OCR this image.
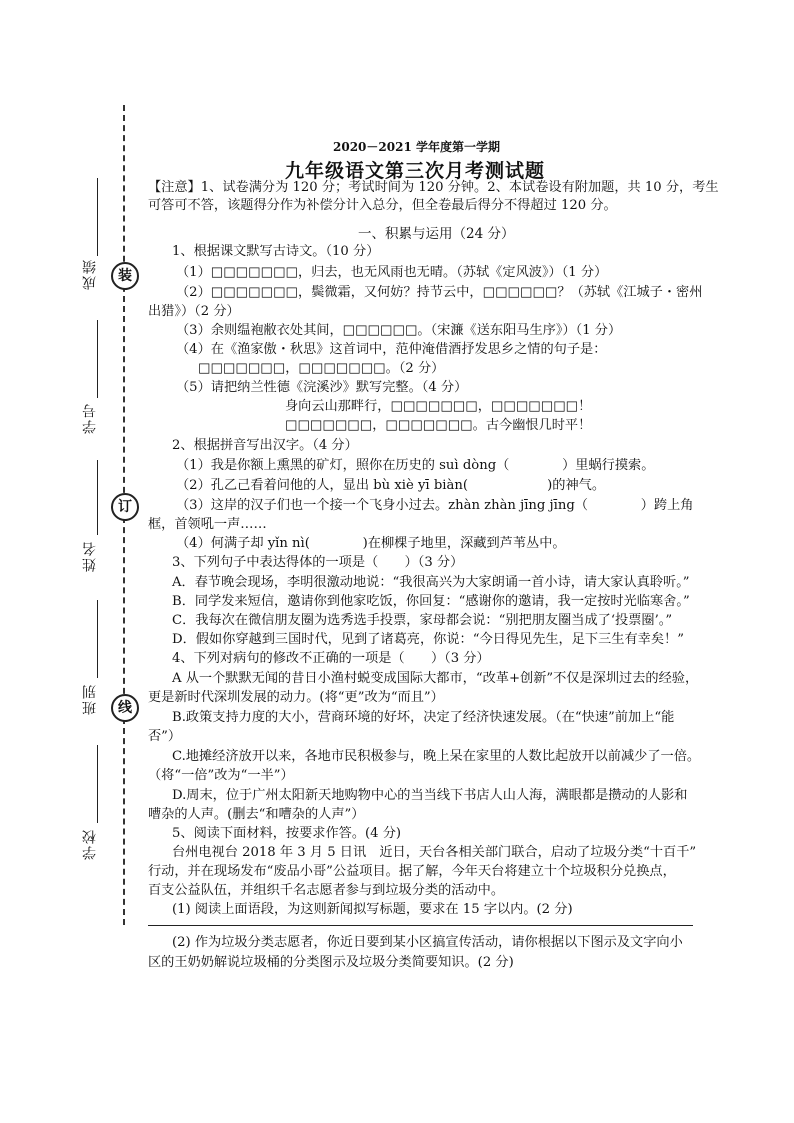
装
订
线
成绩
学号
姓名
班别
学校
2020－2021 学年度第一学期
九年级语文第三次月考测试题
【注意】1、试卷满分为 120 分；考试时间为 120 分钟。2、本试卷设有附加题，共 10 分，考生
可答可不答，该题得分作为补偿分计入总分，但全卷最后得分不得超过 120 分。
一、积累与运用（24 分）
1、根据课文默写古诗文。（10 分）
（1）□□□□□□□，归去，也无风雨也无晴。（苏轼《定风波》）（1 分）
（2）□□□□□□□，鬓微霜，又何妨？持节云中，□□□□□□？（苏轼《江城子・密州
出猎》）（2 分）
（3）余则缊袍敝衣处其间，□□□□□□。（宋濂《送东阳马生序》）（1 分）
（4）在《渔家傲・秋思》这首词中，范仲淹借酒抒发思乡之情的句子是：
□□□□□□□，□□□□□□□。（2 分）
（5）请把纳兰性德《浣溪沙》默写完整。（4 分）
身向云山那畔行，□□□□□□□，□□□□□□□！
□□□□□□□，□□□□□□□。古今幽恨几时平！
2、根据拼音写出汉字。（4 分）
（1）我是你额上熏黑的矿灯，照你在历史的 suì dòng（　　　　）里蜗行摸索。
（2）孔乙己看着问他的人，显出 bù xiè yī biàn(　　　　　　)的神气。
（3）这岸的汉子们也一个接一个飞身小过去。zhàn zhàn jīng jīng（　　　　）跨上角
框，首领吼一声……
（4）何满子却 yǐn nì(　　　　)在柳棵子地里，深藏到芦苇丛中。
3、下列句子中表达得体的一项是（　　）（3 分）
A．春节晚会现场，李明很激动地说：“我很高兴为大家朗诵一首小诗，请大家认真聆听。”
B．同学发来短信，邀请你到他家吃饭，你回复：“感谢你的邀请，我一定按时光临寒舍。”
C．我每次在微信朋友圈为选秀选手投票，家母都会说：“别把朋友圈当成了‘投票圈’。”
D．假如你穿越到三国时代，见到了诸葛亮，你说：“今日得见先生，足下三生有幸矣！”
4、下列对病句的修改不正确的一项是（　　）（3 分）
A 从一个默默无闻的昔日小渔村蜕变成国际大都市，“改革+创新”不仅是深圳过去的经验，
更是新时代深圳发展的动力。(将“更”改为“而且”）
B.政策支持力度的大小，营商环境的好坏，决定了经济快速发展。（在“快速”前加上“能
否”）
C.地摊经济放开以来，各地市民积极参与，晚上呆在家里的人数比起放开以前减少了一倍。
（将“一倍”改为“一半”）
D.周末，位于广州太阳新天地购物中心的当当线下书店人山人海，满眼都是攒动的人影和
嘈杂的人声。(删去“和嘈杂的人声”）
5、阅读下面材料，按要求作答。(4 分)
台州电视台 2018 年 3 月 5 日讯　近日，天台各相关部门联合，启动了垃圾分类“十百千”
行动，并在现场发布“废品小哥”公益项目。据了解，今年天台将建立十个垃圾积分兑换点，
百支公益队伍，并组织千名志愿者参与到垃圾分类的活动中。
(1) 阅读上面语段，为这则新闻拟写标题，要求在 15 字以内。(2 分)
(2) 作为垃圾分类志愿者，你近日要到某小区搞宣传活动，请你根据以下图示及文字向小
区的王奶奶解说垃圾桶的分类图示及垃圾分类简要知识。(2 分)
